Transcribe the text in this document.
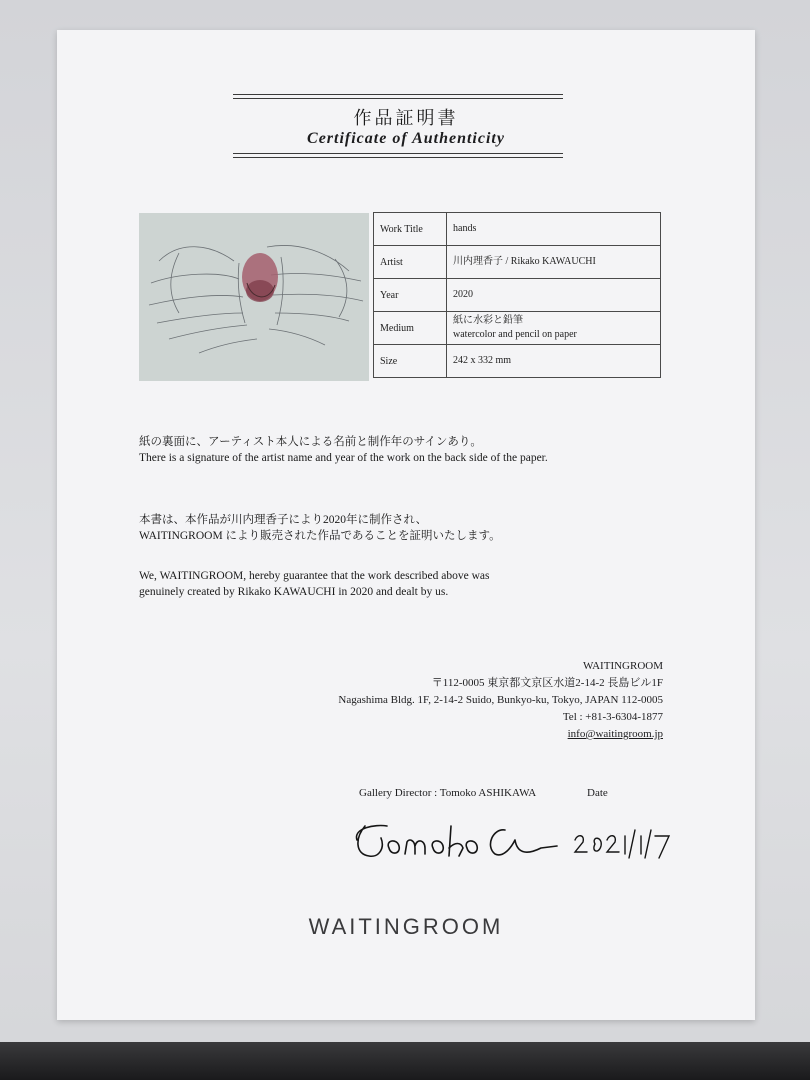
作品証明書
Certificate of Authenticity
Work Title	hands
Artist	川内理香子 / Rikako KAWAUCHI
Year	2020
Medium	紙に水彩と鉛筆
watercolor and pencil on paper

Size	242 x 332 mm
紙の裏面に、アーティスト本人による名前と制作年のサインあり。
There is a signature of the artist name and year of the work on the back side of the paper.
本書は、本作品が川内理香子により2020年に制作され、
WAITINGROOM により販売された作品であることを証明いたします。
We, WAITINGROOM, hereby guarantee that the work described above was
genuinely created by Rikako KAWAUCHI in 2020 and dealt by us.
WAITINGROOM
〒112-0005 東京都文京区水道2-14-2 長島ビル1F
Nagashima Bldg. 1F, 2-14-2 Suido, Bunkyo-ku, Tokyo, JAPAN 112-0005
Tel : +81-3-6304-1877
info@waitingroom.jp
Gallery Director : Tomoko ASHIKAWA	Date
WAITINGROOM
